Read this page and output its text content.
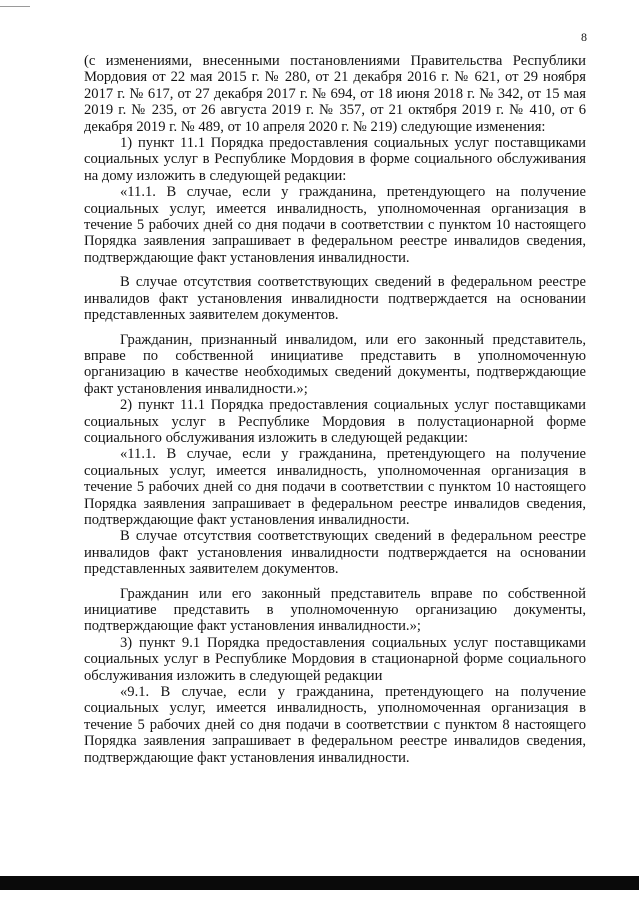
8

(с изменениями, внесенными постановлениями Правительства Республики Мордовия от 22 мая 2015 г. № 280, от 21 декабря 2016 г. № 621, от 29 ноября 2017 г. № 617, от 27 декабря 2017 г. № 694, от 18 июня 2018 г. № 342, от 15 мая 2019 г. № 235, от 26 августа 2019 г. № 357, от 21 октября 2019 г. № 410, от 6 декабря 2019 г. № 489, от 10 апреля 2020 г. № 219) следующие изменения:

1) пункт 11.1 Порядка предоставления социальных услуг поставщиками социальных услуг в Республике Мордовия в форме социального обслуживания на дому изложить в следующей редакции:

«11.1. В случае, если у гражданина, претендующего на получение социальных услуг, имеется инвалидность, уполномоченная организация в течение 5 рабочих дней со дня подачи в соответствии с пунктом 10 настоящего Порядка заявления запрашивает в федеральном реестре инвалидов сведения, подтверждающие факт установления инвалидности.

В случае отсутствия соответствующих сведений в федеральном реестре инвалидов факт установления инвалидности подтверждается на основании представленных заявителем документов.

Гражданин, признанный инвалидом, или его законный представитель, вправе по собственной инициативе представить в уполномоченную организацию в качестве необходимых сведений документы, подтверждающие факт установления инвалидности.»;

2) пункт 11.1 Порядка предоставления социальных услуг поставщиками социальных услуг в Республике Мордовия в полустационарной форме социального обслуживания изложить в следующей редакции:

«11.1. В случае, если у гражданина, претендующего на получение социальных услуг, имеется инвалидность, уполномоченная организация в течение 5 рабочих дней со дня подачи в соответствии с пунктом 10 настоящего Порядка заявления запрашивает в федеральном реестре инвалидов сведения, подтверждающие факт установления инвалидности.

В случае отсутствия соответствующих сведений в федеральном реестре инвалидов факт установления инвалидности подтверждается на основании представленных заявителем документов.

Гражданин или его законный представитель вправе по собственной инициативе представить в уполномоченную организацию документы, подтверждающие факт установления инвалидности.»;

3) пункт 9.1 Порядка предоставления социальных услуг поставщиками социальных услуг в Республике Мордовия в стационарной форме социального обслуживания изложить в следующей редакции

«9.1. В случае, если у гражданина, претендующего на получение социальных услуг, имеется инвалидность, уполномоченная организация в течение 5 рабочих дней со дня подачи в соответствии с пунктом 8 настоящего Порядка заявления запрашивает в федеральном реестре инвалидов сведения, подтверждающие факт установления инвалидности.
